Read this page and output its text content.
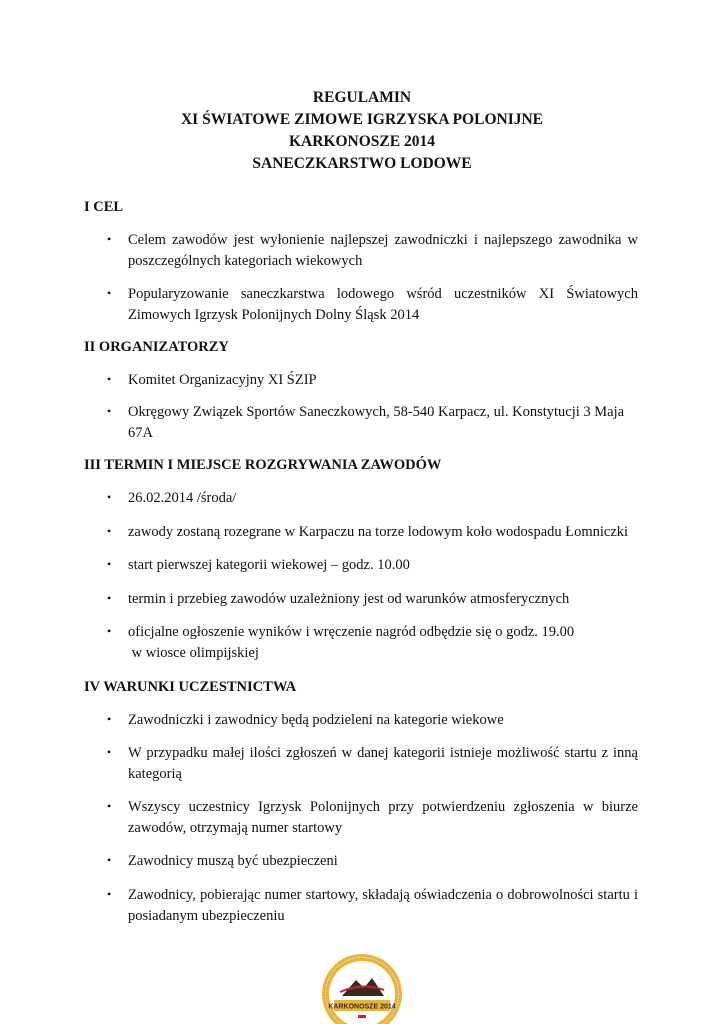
REGULAMIN
XI ŚWIATOWE ZIMOWE IGRZYSKA POLONIJNE
KARKONOSZE 2014
SANECZKARSTWO LODOWE
I CEL
• Celem zawodów jest wyłonienie najlepszej zawodniczki i najlepszego zawodnika w poszczególnych kategoriach wiekowych
• Popularyzowanie saneczkarstwa lodowego wśród uczestników XI Światowych Zimowych Igrzysk Polonijnych Dolny Śląsk 2014
II ORGANIZATORZY
• Komitet Organizacyjny XI ŚZIP
• Okręgowy Związek Sportów Saneczkowych, 58-540 Karpacz, ul. Konstytucji 3 Maja 67A
III TERMIN I MIEJSCE ROZGRYWANIA ZAWODÓW
• 26.02.2014 /środa/
• zawody zostaną rozegrane w Karpaczu na torze lodowym koło wodospadu Łomniczki
• start pierwszej kategorii wiekowej – godz. 10.00
• termin i przebieg zawodów uzależniony jest od warunków atmosferycznych
• oficjalne ogłoszenie wyników i wręczenie nagród odbędzie się o godz. 19.00
w wiosce olimpijskiej
IV WARUNKI UCZESTNICTWA
• Zawodniczki i zawodnicy będą podzieleni na kategorie wiekowe
• W przypadku małej ilości zgłoszeń w danej kategorii istnieje możliwość startu z inną kategorią
• Wszyscy uczestnicy Igrzysk Polonijnych przy potwierdzeniu zgłoszenia w biurze zawodów, otrzymają numer startowy
• Zawodnicy muszą być ubezpieczeni
• Zawodnicy, pobierając numer startowy, składają oświadczenia o dobrowolności startu i posiadanym ubezpieczeniu
KARKONOSZE 2014
